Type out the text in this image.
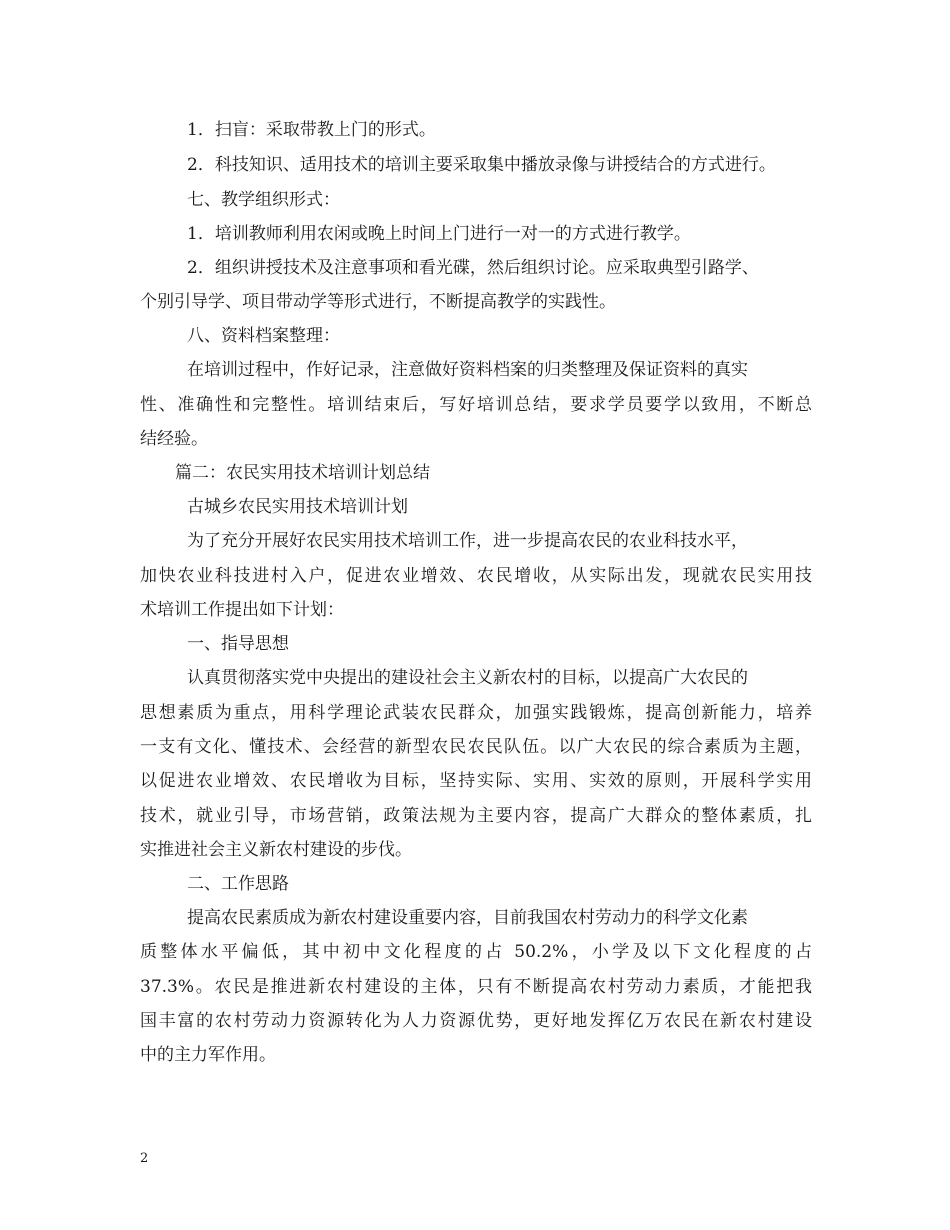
1．扫盲：采取带教上门的形式。
2．科技知识、适用技术的培训主要采取集中播放录像与讲授结合的方式进行。
七、教学组织形式：
1．培训教师利用农闲或晚上时间上门进行一对一的方式进行教学。
2．组织讲授技术及注意事项和看光碟，然后组织讨论。应采取典型引路学、
个别引导学、项目带动学等形式进行，不断提高教学的实践性。
八、资料档案整理：
在培训过程中，作好记录，注意做好资料档案的归类整理及保证资料的真实
性、准确性和完整性。培训结束后，写好培训总结，要求学员要学以致用，不断总
结经验。
篇二：农民实用技术培训计划总结
古城乡农民实用技术培训计划
为了充分开展好农民实用技术培训工作，进一步提高农民的农业科技水平，
加快农业科技进村入户，促进农业增效、农民增收，从实际出发，现就农民实用技
术培训工作提出如下计划：
一、指导思想
认真贯彻落实党中央提出的建设社会主义新农村的目标，以提高广大农民的
思想素质为重点，用科学理论武装农民群众，加强实践锻炼，提高创新能力，培养
一支有文化、懂技术、会经营的新型农民农民队伍。以广大农民的综合素质为主题，
以促进农业增效、农民增收为目标，坚持实际、实用、实效的原则，开展科学实用
技术，就业引导，市场营销，政策法规为主要内容，提高广大群众的整体素质，扎
实推进社会主义新农村建设的步伐。
二、工作思路
提高农民素质成为新农村建设重要内容，目前我国农村劳动力的科学文化素
质整体水平偏低，其中初中文化程度的占 50.2%，小学及以下文化程度的占
37.3%。农民是推进新农村建设的主体，只有不断提高农村劳动力素质，才能把我
国丰富的农村劳动力资源转化为人力资源优势，更好地发挥亿万农民在新农村建设
中的主力军作用。
2
